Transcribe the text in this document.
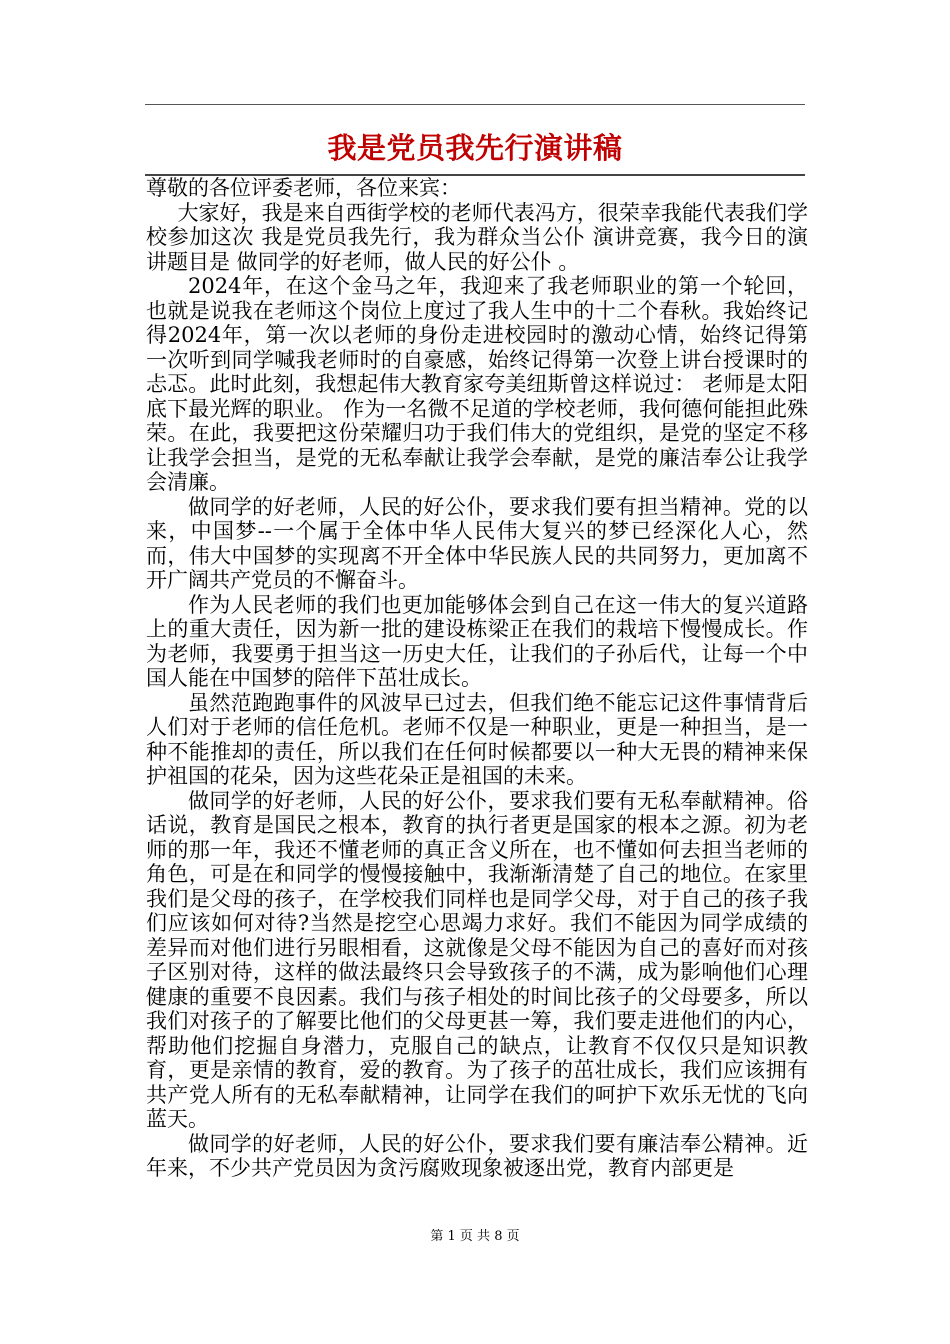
我是党员我先行演讲稿

尊敬的各位评委老师，各位来宾：

大家好，我是来自西街学校的老师代表冯方，很荣幸我能代表我们学校参加这次 我是党员我先行，我为群众当公仆 演讲竞赛，我今日的演讲题目是 做同学的好老师，做人民的好公仆 。

2024年，在这个金马之年，我迎来了我老师职业的第一个轮回，也就是说我在老师这个岗位上度过了我人生中的十二个春秋。我始终记得2024年，第一次以老师的身份走进校园时的激动心情，始终记得第一次听到同学喊我老师时的自豪感，始终记得第一次登上讲台授课时的忐忑。此时此刻，我想起伟大教育家夸美纽斯曾这样说过： 老师是太阳底下最光辉的职业。 作为一名微不足道的学校老师，我何德何能担此殊荣。在此，我要把这份荣耀归功于我们伟大的党组织，是党的坚定不移让我学会担当，是党的无私奉献让我学会奉献，是党的廉洁奉公让我学会清廉。

做同学的好老师，人民的好公仆，要求我们要有担当精神。党的以来，中国梦--一个属于全体中华人民伟大复兴的梦已经深化人心，然而，伟大中国梦的实现离不开全体中华民族人民的共同努力，更加离不开广阔共产党员的不懈奋斗。

作为人民老师的我们也更加能够体会到自己在这一伟大的复兴道路上的重大责任，因为新一批的建设栋梁正在我们的栽培下慢慢成长。作为老师，我要勇于担当这一历史大任，让我们的子孙后代，让每一个中国人能在中国梦的陪伴下茁壮成长。

虽然范跑跑事件的风波早已过去，但我们绝不能忘记这件事情背后人们对于老师的信任危机。老师不仅是一种职业，更是一种担当，是一种不能推却的责任，所以我们在任何时候都要以一种大无畏的精神来保护祖国的花朵，因为这些花朵正是祖国的未来。

做同学的好老师，人民的好公仆，要求我们要有无私奉献精神。俗话说，教育是国民之根本，教育的执行者更是国家的根本之源。初为老师的那一年，我还不懂老师的真正含义所在，也不懂如何去担当老师的角色，可是在和同学的慢慢接触中，我渐渐清楚了自己的地位。在家里我们是父母的孩子，在学校我们同样也是同学父母，对于自己的孩子我们应该如何对待?当然是挖空心思竭力求好。我们不能因为同学成绩的差异而对他们进行另眼相看，这就像是父母不能因为自己的喜好而对孩子区别对待，这样的做法最终只会导致孩子的不满，成为影响他们心理健康的重要不良因素。我们与孩子相处的时间比孩子的父母要多，所以我们对孩子的了解要比他们的父母更甚一筹，我们要走进他们的内心，帮助他们挖掘自身潜力，克服自己的缺点，让教育不仅仅只是知识教育，更是亲情的教育，爱的教育。为了孩子的茁壮成长，我们应该拥有共产党人所有的无私奉献精神，让同学在我们的呵护下欢乐无忧的飞向蓝天。

做同学的好老师，人民的好公仆，要求我们要有廉洁奉公精神。近年来，不少共产党员因为贪污腐败现象被逐出党，教育内部更是

第 1 页 共 8 页
